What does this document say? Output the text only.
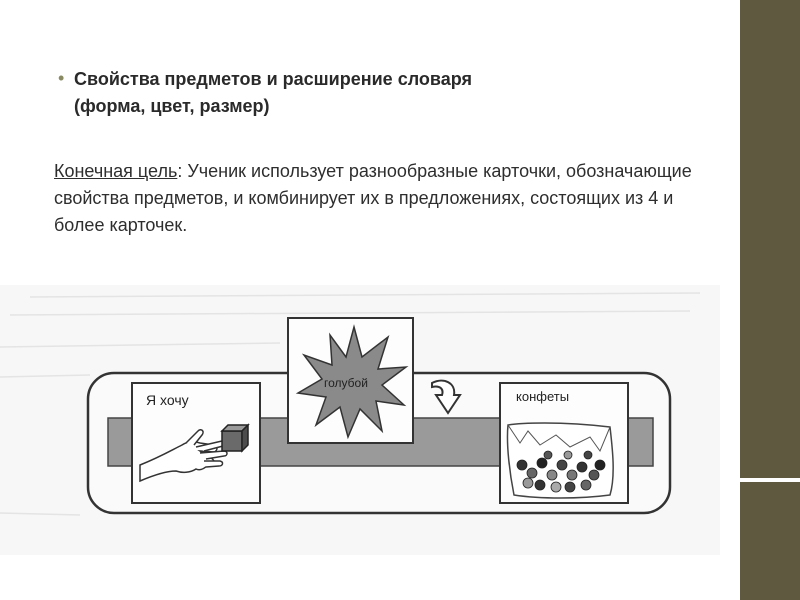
• Свойства предметов и расширение словаря
(форма, цвет, размер)
Конечная цель: Ученик использует разнообразные карточки, обозначающие свойства предметов, и комбинирует их в предложениях, состоящих из 4 и более карточек.
Я хочу
голубой
конфеты
